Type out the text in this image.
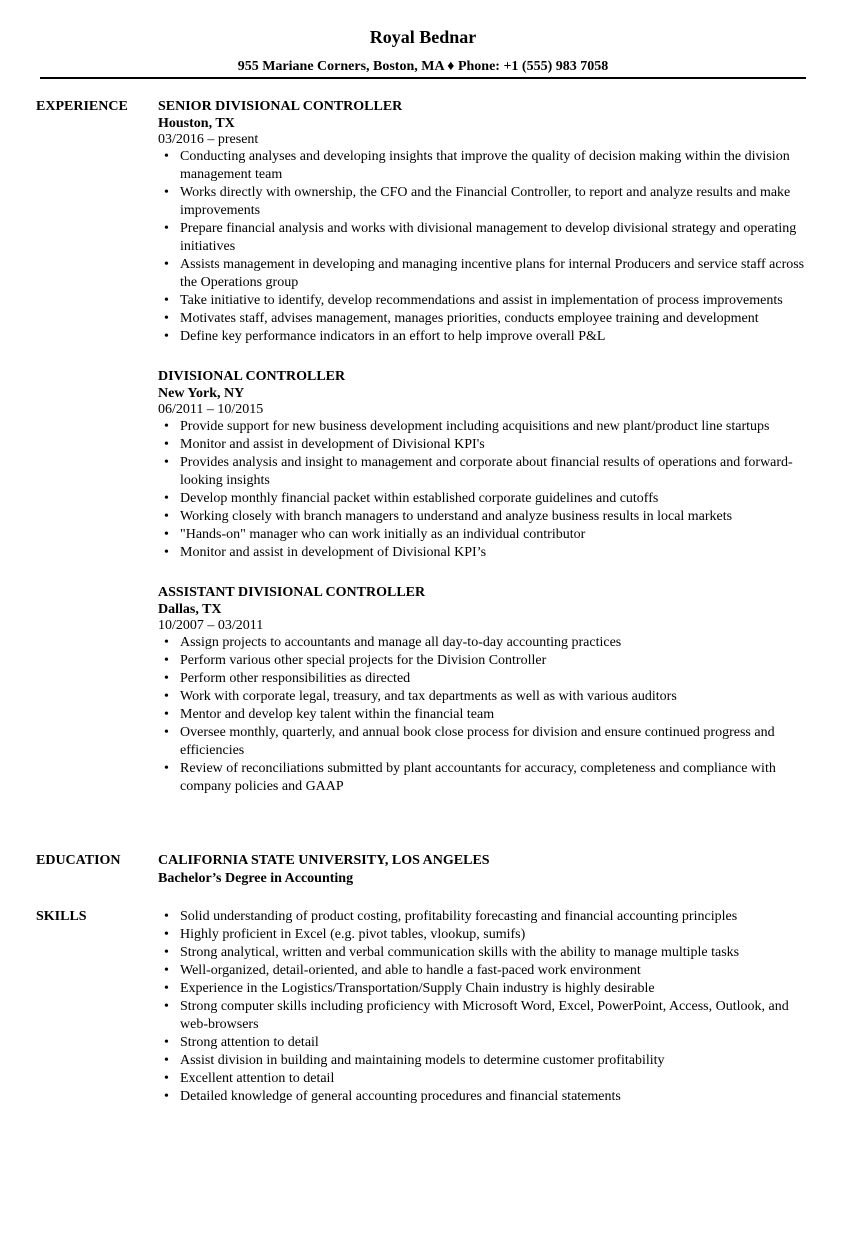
Royal Bednar
955 Mariane Corners, Boston, MA ♦ Phone: +1 (555) 983 7058
EXPERIENCE SENIOR DIVISIONAL CONTROLLER
Houston, TX
03/2016 – present
• Conducting analyses and developing insights that improve the quality of decision making within the division management team
• Works directly with ownership, the CFO and the Financial Controller, to report and analyze results and make improvements
• Prepare financial analysis and works with divisional management to develop divisional strategy and operating initiatives
• Assists management in developing and managing incentive plans for internal Producers and service staff across the Operations group
• Take initiative to identify, develop recommendations and assist in implementation of process improvements
• Motivates staff, advises management, manages priorities, conducts employee training and development
• Define key performance indicators in an effort to help improve overall P&L
DIVISIONAL CONTROLLER
New York, NY
06/2011 – 10/2015
• Provide support for new business development including acquisitions and new plant/product line startups
• Monitor and assist in development of Divisional KPI's
• Provides analysis and insight to management and corporate about financial results of operations and forward-looking insights
• Develop monthly financial packet within established corporate guidelines and cutoffs
• Working closely with branch managers to understand and analyze business results in local markets
• "Hands-on" manager who can work initially as an individual contributor
• Monitor and assist in development of Divisional KPI’s
ASSISTANT DIVISIONAL CONTROLLER
Dallas, TX
10/2007 – 03/2011
• Assign projects to accountants and manage all day-to-day accounting practices
• Perform various other special projects for the Division Controller
• Perform other responsibilities as directed
• Work with corporate legal, treasury, and tax departments as well as with various auditors
• Mentor and develop key talent within the financial team
• Oversee monthly, quarterly, and annual book close process for division and ensure continued progress and efficiencies
• Review of reconciliations submitted by plant accountants for accuracy, completeness and compliance with company policies and GAAP
EDUCATION	CALIFORNIA STATE UNIVERSITY, LOS ANGELES
Bachelor’s Degree in Accounting
SKILLS	• Solid understanding of product costing, profitability forecasting and financial accounting principles
• Highly proficient in Excel (e.g. pivot tables, vlookup, sumifs)
• Strong analytical, written and verbal communication skills with the ability to manage multiple tasks
• Well-organized, detail-oriented, and able to handle a fast-paced work environment
• Experience in the Logistics/Transportation/Supply Chain industry is highly desirable
• Strong computer skills including proficiency with Microsoft Word, Excel, PowerPoint, Access, Outlook, and web-browsers
• Strong attention to detail
• Assist division in building and maintaining models to determine customer profitability
• Excellent attention to detail
• Detailed knowledge of general accounting procedures and financial statements
